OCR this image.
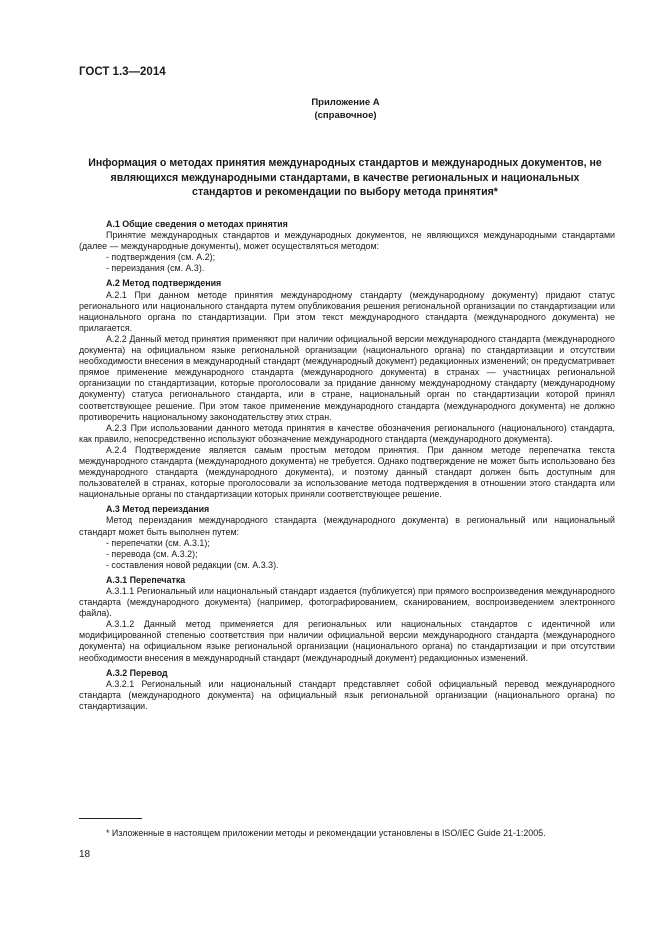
ГОСТ 1.3—2014
Приложение А
(справочное)
Информация о методах принятия международных стандартов и международных документов, не являющихся международными стандартами, в качестве региональных и национальных стандартов и рекомендации по выбору метода принятия*

А.1 Общие сведения о методах принятия

Принятие международных стандартов и международных документов, не являющихся международными стандартами (далее — международные документы), может осуществляться методом:

- подтверждения (см. А.2);

- переиздания (см. А.3).

А.2 Метод подтверждения

А.2.1 При данном методе принятия международному стандарту (международному документу) придают статус регионального или национального стандарта путем опубликования решения региональной организации по стандартизации или национального органа по стандартизации. При этом текст международного стандарта (международного документа) не прилагается.

А.2.2 Данный метод принятия применяют при наличии официальной версии международного стандарта (международного документа) на официальном языке региональной организации (национального органа) по стандартизации и отсутствии необходимости внесения в международный стандарт (международный документ) редакционных изменений; он предусматривает прямое применение международного стандарта (международного документа) в странах — участницах региональной организации по стандартизации, которые проголосовали за придание данному международному стандарту (международному документу) статуса регионального стандарта, или в стране, национальный орган по стандартизации которой принял соответствующее решение. При этом такое применение международного стандарта (международного документа) не должно противоречить национальному законодательству этих стран.

А.2.3 При использовании данного метода принятия в качестве обозначения регионального (национального) стандарта, как правило, непосредственно используют обозначение международного стандарта (международного документа).

А.2.4 Подтверждение является самым простым методом принятия. При данном методе перепечатка текста международного стандарта (международного документа) не требуется. Однако подтверждение не может быть использовано без международного стандарта (международного документа), и поэтому данный стандарт должен быть доступным для пользователей в странах, которые проголосовали за использование метода подтверждения в отношении этого стандарта или национальные органы по стандартизации которых приняли соответствующее решение.

А.3 Метод переиздания

Метод переиздания международного стандарта (международного документа) в региональный или национальный стандарт может быть выполнен путем:

- перепечатки (см. А.3.1);

- перевода (см. А.3.2);

- составления новой редакции (см. А.3.3).

А.3.1 Перепечатка

А.3.1.1 Региональный или национальный стандарт издается (публикуется) при прямого воспроизведения международного стандарта (международного документа) (например, фотографированием, сканированием, воспроизведением электронного файла).

А.3.1.2 Данный метод применяется для региональных или национальных стандартов с идентичной или модифицированной степенью соответствия при наличии официальной версии международного стандарта (международного документа) на официальном языке региональной организации (национального органа) по стандартизации и при отсутствии необходимости внесения в международный стандарт (международный документ) редакционных изменений.

А.3.2 Перевод

А.3.2.1 Региональный или национальный стандарт представляет собой официальный перевод международного стандарта (международного документа) на официальный язык региональной организации (национального органа) по стандартизации.

* Изложенные в настоящем приложении методы и рекомендации установлены в ISO/IEC Guide 21-1:2005.
18
